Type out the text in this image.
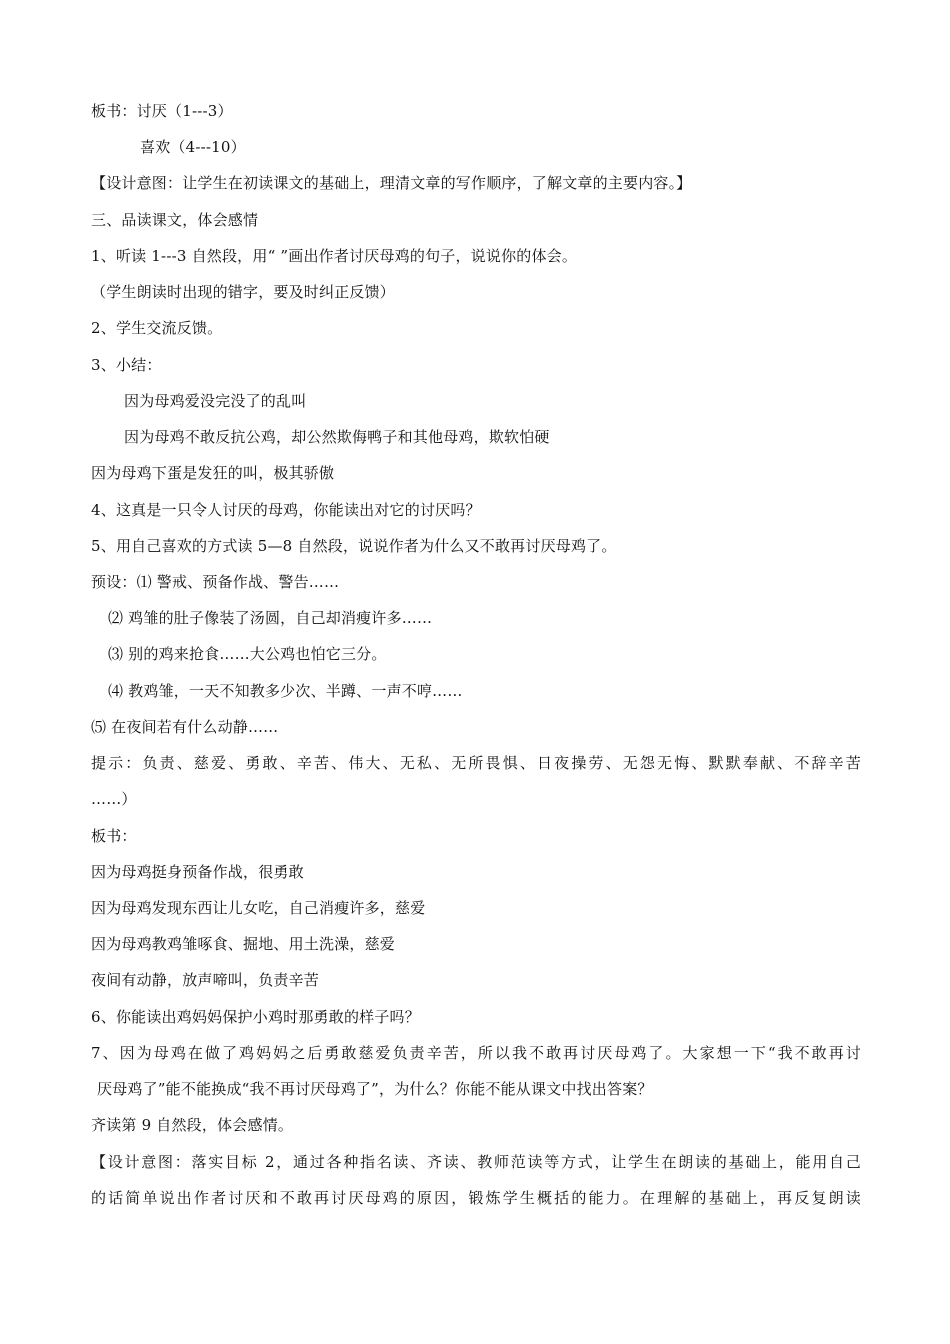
板书：讨厌（1---3）
喜欢（4---10）
【设计意图：让学生在初读课文的基础上，理清文章的写作顺序，了解文章的主要内容。】
三、品读课文，体会感情
1、听读 1---3 自然段，用“ ”画出作者讨厌母鸡的句子，说说你的体会。
（学生朗读时出现的错字，要及时纠正反馈）
2、学生交流反馈。
3、小结：
因为母鸡爱没完没了的乱叫
因为母鸡不敢反抗公鸡，却公然欺侮鸭子和其他母鸡，欺软怕硬
因为母鸡下蛋是发狂的叫，极其骄傲
4、这真是一只令人讨厌的母鸡，你能读出对它的讨厌吗？
5、用自己喜欢的方式读 5—8 自然段，说说作者为什么又不敢再讨厌母鸡了。
预设：⑴ 警戒、预备作战、警告……
⑵ 鸡雏的肚子像装了汤圆，自己却消瘦许多……
⑶ 别的鸡来抢食……大公鸡也怕它三分。
⑷ 教鸡雏，一天不知教多少次、半蹲、一声不哼……
⑸ 在夜间若有什么动静……
提示：负责、慈爱、勇敢、辛苦、伟大、无私、无所畏惧、日夜操劳、无怨无悔、默默奉献、不辞辛苦
……）
板书：
因为母鸡挺身预备作战，很勇敢
因为母鸡发现东西让儿女吃，自己消瘦许多，慈爱
因为母鸡教鸡雏啄食、掘地、用土洗澡，慈爱
夜间有动静，放声啼叫，负责辛苦
6、你能读出鸡妈妈保护小鸡时那勇敢的样子吗？
7、因为母鸡在做了鸡妈妈之后勇敢慈爱负责辛苦，所以我不敢再讨厌母鸡了。大家想一下“我不敢再讨
厌母鸡了”能不能换成“我不再讨厌母鸡了”，为什么？你能不能从课文中找出答案？
齐读第 9 自然段，体会感情。
【设计意图：落实目标 2，通过各种指名读、齐读、教师范读等方式，让学生在朗读的基础上，能用自己
的话简单说出作者讨厌和不敢再讨厌母鸡的原因，锻炼学生概括的能力。在理解的基础上，再反复朗读
